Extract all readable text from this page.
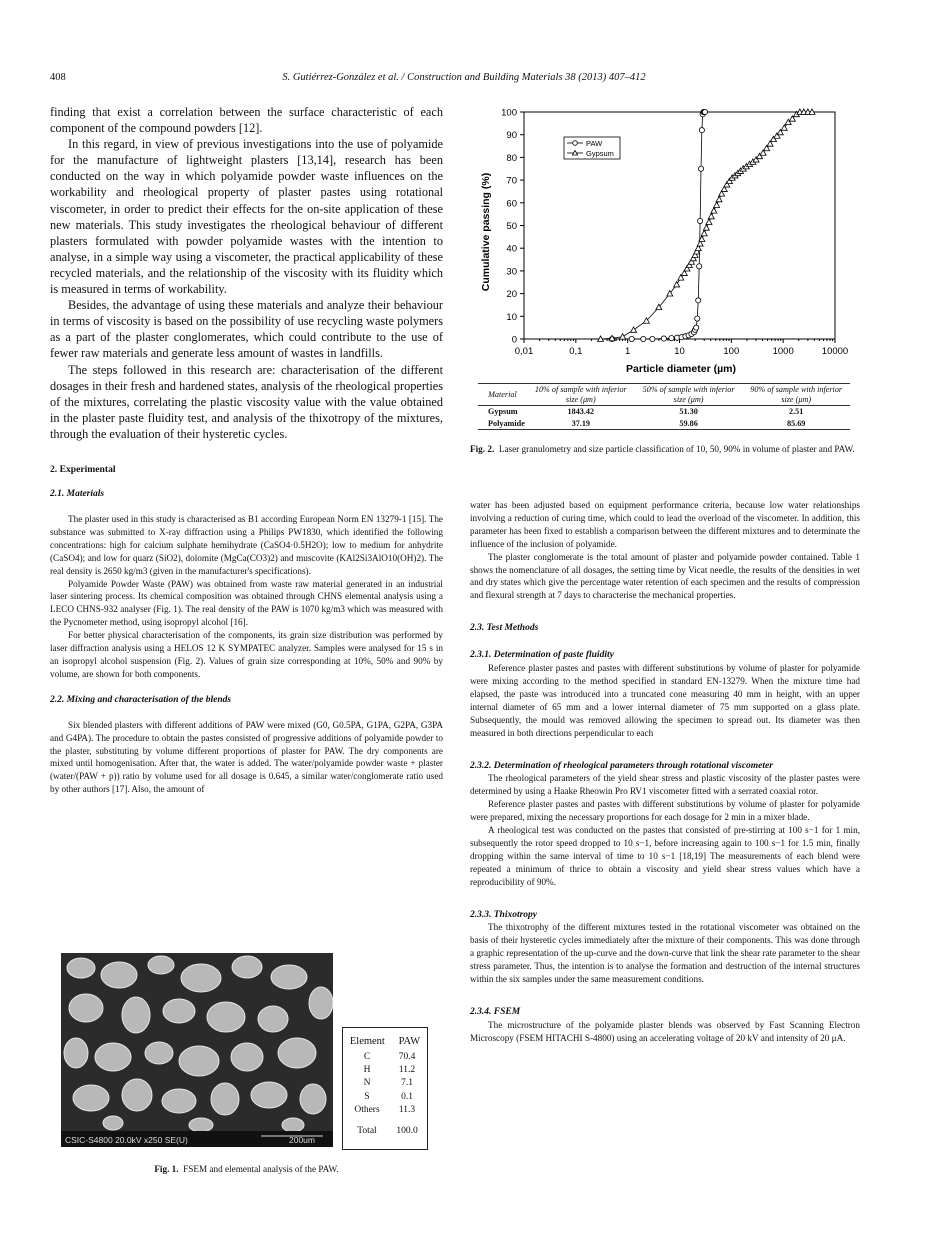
408	S. Gutiérrez-González et al. / Construction and Building Materials 38 (2013) 407–412

finding that exist a correlation between the surface characteristic of each component of the compound powders [12].

In this regard, in view of previous investigations into the use of polyamide for the manufacture of lightweight plasters [13,14], research has been conducted on the way in which polyamide powder waste influences on the workability and rheological property of plaster pastes using rotational viscometer, in order to predict their effects for the on-site application of these new materials. This study investigates the rheological behaviour of different plasters formulated with powder polyamide wastes with the intention to analyse, in a simple way using a viscometer, the practical applicability of these recycled materials, and the relationship of the viscosity with its fluidity which is measured in terms of workability.

Besides, the advantage of using these materials and analyze their behaviour in terms of viscosity is based on the possibility of use recycling waste polymers as a part of the plaster conglomerates, which could contribute to the use of fewer raw materials and generate less amount of wastes in landfills.

The steps followed in this research are: characterisation of the different dosages in their fresh and hardened states, analysis of the rheological properties of the mixtures, correlating the plastic viscosity value with the value obtained in the plaster paste fluidity test, and analysis of the thixotropy of the mixtures, through the evaluation of their hysteretic cycles.

2. Experimental
2.1. Materials

The plaster used in this study is characterised as B1 according European Norm EN 13279-1 [15]. The substance was submitted to X-ray diffraction using a Philips PW1830, which identified the following concentrations: high for calcium sulphate hemihydrate (CaSO4·0.5H2O); low to medium for anhydrite (CaSO4); and low for quarz (SiO2), dolomite (MgCa(CO3)2) and muscovite (KAl2Si3AlO10(OH)2). The real density is 2650 kg/m3 (given in the manufacturer's specifications).

Polyamide Powder Waste (PAW) was obtained from waste raw material generated in an industrial laser sintering process. Its chemical composition was obtained through CHNS elemental analysis using a LECO CHNS-932 analyser (Fig. 1). The real density of the PAW is 1070 kg/m3 which was measured with the Pycnometer method, using isopropyl alcohol [16].

For better physical characterisation of the components, its grain size distribution was performed by laser diffraction analysis using a HELOS 12 K SYMPATEC analyzer. Samples were analysed for 15 s in an isopropyl alcohol suspension (Fig. 2). Values of grain size corresponding at 10%, 50% and 90% by volume, are shown for both components.

2.2. Mixing and characterisation of the blends

Six blended plasters with different additions of PAW were mixed (G0, G0.5PA, G1PA, G2PA, G3PA and G4PA). The procedure to obtain the pastes consisted of progressive additions of polyamide powder to the plaster, substituting by volume different proportions of plaster for PAW. The dry components are mixed until homogenisation. After that, the water is added. The water/polyamide powder waste + plaster (water/(PAW + p)) ratio by volume used for all dosage is 0.645, a similar water/conglomerate ratio used by other authors [17]. Also, the amount of

CSIC-S4800 20.0kV x250 SE(U)	200um
Element PAW
C	70.4
H	11.2
N	7.1
S	0.1
Others	11.3
Total	100.0
Fig. 1. FSEM and elemental analysis of the PAW.
Cumulative passing (%)
Particle diameter (µm)
0
10
20
30
40
50
60
70
80
90
100
0,01	0,1	1	10	100	1000	10000
PAW
Gypsum
Material	10% of sample with inferior size (μm)	50% of sample with inferior size (μm)	90% of sample with inferior size (μm)
Gypsum	1843.42	51.30	2.51
Polyamide	37.19	59.86	85.69
Fig. 2. Laser granulometry and size particle classification of 10, 50, 90% in volume of plaster and PAW.

water has been adjusted based on equipment performance criteria, because low water relationships involving a reduction of curing time, which could to lead the overload of the viscometer. In addition, this parameter has been fixed to establish a comparison between the different mixtures and to determinate the influence of the inclusion of polyamide.

The plaster conglomerate is the total amount of plaster and polyamide powder contained. Table 1 shows the nomenclature of all dosages, the setting time by Vicat needle, the results of the densities in wet and dry states which give the percentage water retention of each specimen and the results of compression and flexural strength at 7 days to characterise the mechanical properties.

2.3. Test Methods
2.3.1. Determination of paste fluidity

Reference plaster pastes and pastes with different substitutions by volume of plaster for polyamide were mixing according to the method specified in standard EN-13279. When the mixture time had elapsed, the paste was introduced into a truncated cone measuring 40 mm in height, with an upper internal diameter of 65 mm and a lower internal diameter of 75 mm supported on a glass plate. Subsequently, the mould was removed allowing the specimen to spread out. Its diameter was then measured in both directions perpendicular to each

2.3.2. Determination of rheological parameters through rotational viscometer

The rheological parameters of the yield shear stress and plastic viscosity of the plaster pastes were determined by using a Haake Rheowin Pro RV1 viscometer fitted with a serrated coaxial rotor.

Reference plaster pastes and pastes with different substitutions by volume of plaster for polyamide were prepared, mixing the necessary proportions for each dosage for 2 min in a mixer blade.

A rheological test was conducted on the pastes that consisted of pre-stirring at 100 s−1 for 1 min, subsequently the rotor speed dropped to 10 s−1, before increasing again to 100 s−1 for 1.5 min, finally dropping within the same interval of time to 10 s−1 [18,19] The measurements of each blend were repeated a minimum of thrice to obtain a viscosity and yield shear stress values which have a reproducibility of 90%.

2.3.3. Thixotropy

The thixotrophy of the different mixtures tested in the rotational viscometer was obtained on the basis of their hysteretic cycles immediately after the mixture of their components. This was done through a graphic representation of the up-curve and the down-curve that link the shear rate parameter to the shear stress parameter. Thus, the intention is to analyse the formation and destruction of the internal structures within the six samples under the same measurement conditions.

2.3.4. FSEM

The microstructure of the polyamide plaster blends was observed by Fast Scanning Electron Microscopy (FSEM HITACHI S-4800) using an accelerating voltage of 20 kV and intensity of 20 μA.
